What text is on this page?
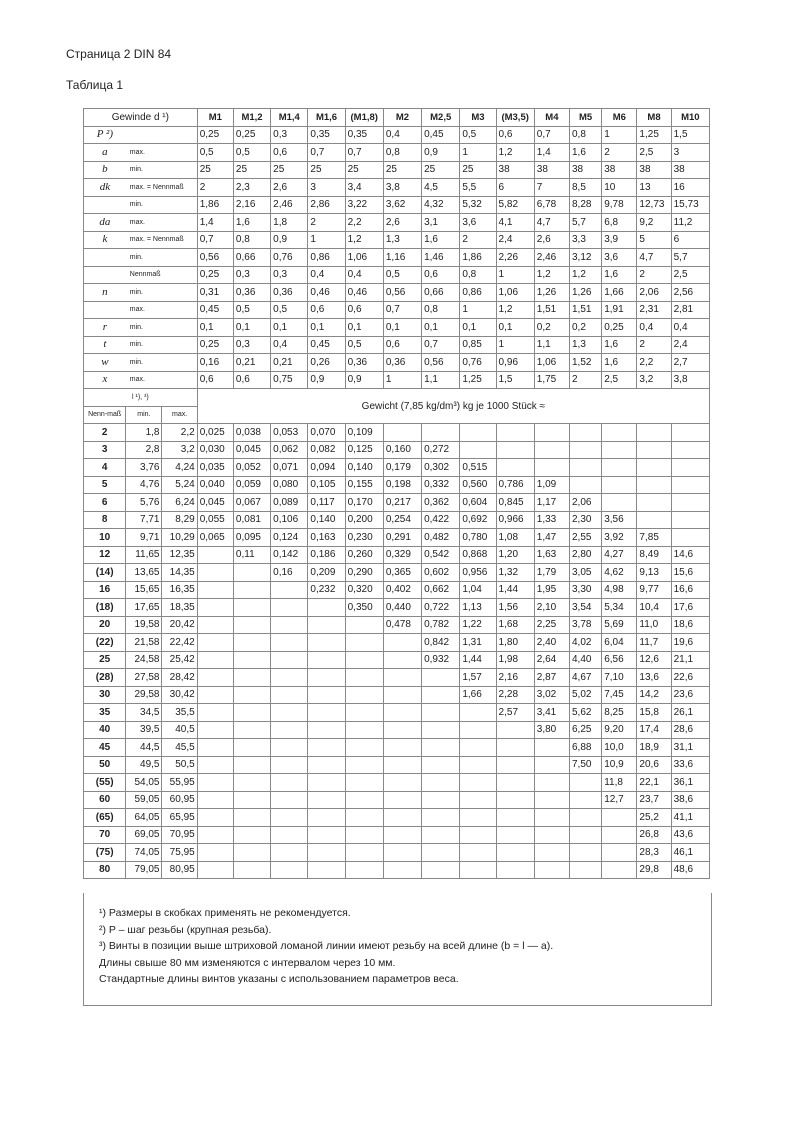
Страница 2 DIN 84
Таблица 1
Gewinde d ¹)			M1	M1,2	M1,4	M1,6	(M1,8)	M2	M2,5	M3	(M3,5)	M4	M5	M6	M8	M10
P ²)			0,25	0,25	0,3	0,35	0,35	0,4	0,45	0,5	0,6	0,7	0,8	1	1,25	1,5
a	max.		0,5	0,5	0,6	0,7	0,7	0,8	0,9	1	1,2	1,4	1,6	2	2,5	3
b	min.		25	25	25	25	25	25	25	25	38	38	38	38	38	38
dk	max. = Nennmaß		2	2,3	2,6	3	3,4	3,8	4,5	5,5	6	7	8,5	10	13	16
	min.		1,86	2,16	2,46	2,86	3,22	3,62	4,32	5,32	5,82	6,78	8,28	9,78	12,73	15,73
da	max.		1,4	1,6	1,8	2	2,2	2,6	3,1	3,6	4,1	4,7	5,7	6,8	9,2	11,2
k	max. = Nennmaß		0,7	0,8	0,9	1	1,2	1,3	1,6	2	2,4	2,6	3,3	3,9	5	6
	min.		0,56	0,66	0,76	0,86	1,06	1,16	1,46	1,86	2,26	2,46	3,12	3,6	4,7	5,7
	Nennmaß		0,25	0,3	0,3	0,4	0,4	0,5	0,6	0,8	1	1,2	1,2	1,6	2	2,5
n	min.		0,31	0,36	0,36	0,46	0,46	0,56	0,66	0,86	1,06	1,26	1,26	1,66	2,06	2,56
	max.		0,45	0,5	0,5	0,6	0,6	0,7	0,8	1	1,2	1,51	1,51	1,91	2,31	2,81
r	min.		0,1	0,1	0,1	0,1	0,1	0,1	0,1	0,1	0,1	0,2	0,2	0,25	0,4	0,4
t	min.		0,25	0,3	0,4	0,45	0,5	0,6	0,7	0,85	1	1,1	1,3	1,6	2	2,4
w	min.		0,16	0,21	0,21	0,26	0,36	0,36	0,56	0,76	0,96	1,06	1,52	1,6	2,2	2,7
x	max.		0,6	0,6	0,75	0,9	0,9	1	1,1	1,25	1,5	1,75	2	2,5	3,2	3,8
l ¹), ³)			Gewicht (7,85 kg/dm³) kg je 1000 Stück ≈													
Nenn-maß	min.	max.														
2	1,8	2,2	0,025	0,038	0,053	0,070	0,109									
3	2,8	3,2	0,030	0,045	0,062	0,082	0,125	0,160	0,272							
4	3,76	4,24	0,035	0,052	0,071	0,094	0,140	0,179	0,302	0,515						
5	4,76	5,24	0,040	0,059	0,080	0,105	0,155	0,198	0,332	0,560	0,786	1,09				
6	5,76	6,24	0,045	0,067	0,089	0,117	0,170	0,217	0,362	0,604	0,845	1,17	2,06			
8	7,71	8,29	0,055	0,081	0,106	0,140	0,200	0,254	0,422	0,692	0,966	1,33	2,30	3,56		
10	9,71	10,29	0,065	0,095	0,124	0,163	0,230	0,291	0,482	0,780	1,08	1,47	2,55	3,92	7,85	
12	11,65	12,35		0,11	0,142	0,186	0,260	0,329	0,542	0,868	1,20	1,63	2,80	4,27	8,49	14,6
(14)	13,65	14,35			0,16	0,209	0,290	0,365	0,602	0,956	1,32	1,79	3,05	4,62	9,13	15,6
16	15,65	16,35				0,232	0,320	0,402	0,662	1,04	1,44	1,95	3,30	4,98	9,77	16,6
(18)	17,65	18,35					0,350	0,440	0,722	1,13	1,56	2,10	3,54	5,34	10,4	17,6
20	19,58	20,42						0,478	0,782	1,22	1,68	2,25	3,78	5,69	11,0	18,6
(22)	21,58	22,42							0,842	1,31	1,80	2,40	4,02	6,04	11,7	19,6
25	24,58	25,42							0,932	1,44	1,98	2,64	4,40	6,56	12,6	21,1
(28)	27,58	28,42								1,57	2,16	2,87	4,67	7,10	13,6	22,6
30	29,58	30,42								1,66	2,28	3,02	5,02	7,45	14,2	23,6
35	34,5	35,5									2,57	3,41	5,62	8,25	15,8	26,1
40	39,5	40,5										3,80	6,25	9,20	17,4	28,6
45	44,5	45,5											6,88	10,0	18,9	31,1
50	49,5	50,5											7,50	10,9	20,6	33,6
(55)	54,05	55,95												11,8	22,1	36,1
60	59,05	60,95												12,7	23,7	38,6
(65)	64,05	65,95													25,2	41,1
70	69,05	70,95													26,8	43,6
(75)	74,05	75,95													28,3	46,1
80	79,05	80,95													29,8	48,6
¹) Размеры в скобках применять не рекомендуется.
²) P – шаг резьбы (крупная резьба).
³) Винты в позиции выше штриховой ломаной линии имеют резьбу на всей длине (b = l — a).
Длины свыше 80 мм изменяются с интервалом через 10 мм.
Стандартные длины винтов указаны с использованием параметров веса.
